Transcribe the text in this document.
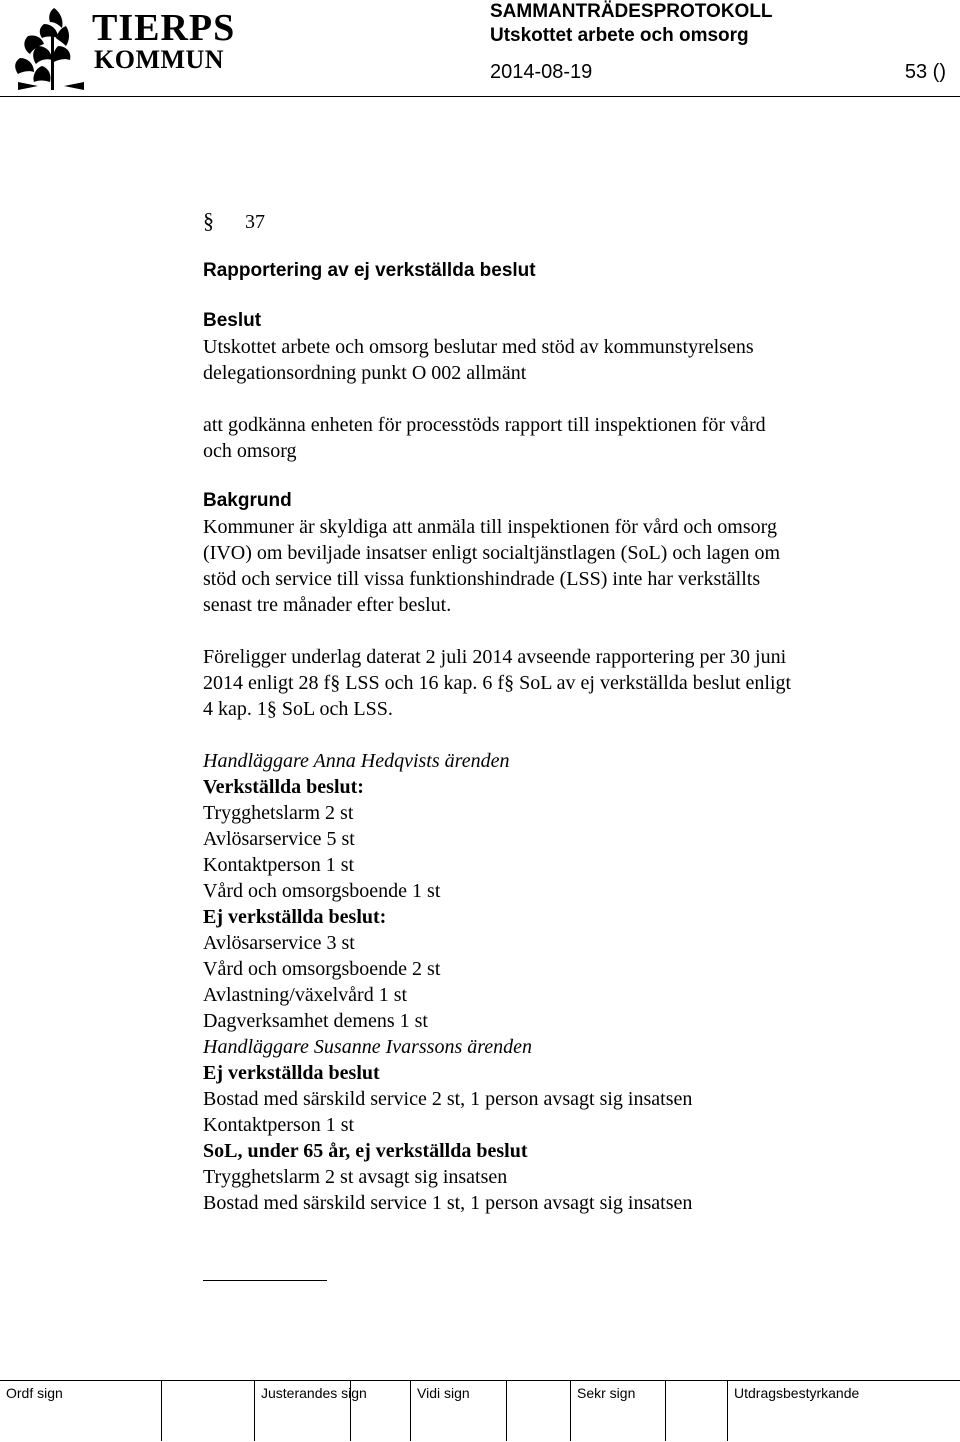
TIERPS
KOMMUN
SAMMANTRÄDESPROTOKOLL
Utskottet arbete och omsorg
2014-08-19	53 ()
§	37

Rapportering av ej verkställda beslut

Beslut

Utskottet arbete och omsorg beslutar med stöd av kommunstyrelsens

delegationsordning punkt O 002 allmänt

att godkänna enheten för processtöds rapport till inspektionen för vård

och omsorg

Bakgrund

Kommuner är skyldiga att anmäla till inspektionen för vård och omsorg

(IVO) om beviljade insatser enligt socialtjänstlagen (SoL) och lagen om

stöd och service till vissa funktionshindrade (LSS) inte har verkställts

senast tre månader efter beslut.

Föreligger underlag daterat 2 juli 2014 avseende rapportering per 30 juni

2014 enligt 28 f§ LSS och 16 kap. 6 f§ SoL av ej verkställda beslut enligt

4 kap. 1§ SoL och LSS.

Handläggare Anna Hedqvists ärenden

Verkställda beslut:

Trygghetslarm 2 st

Avlösarservice 5 st

Kontaktperson 1 st

Vård och omsorgsboende 1 st

Ej verkställda beslut:

Avlösarservice 3 st

Vård och omsorgsboende 2 st

Avlastning/växelvård 1 st

Dagverksamhet demens 1 st

Handläggare Susanne Ivarssons ärenden

Ej verkställda beslut

Bostad med särskild service 2 st, 1 person avsagt sig insatsen

Kontaktperson 1 st

SoL, under 65 år, ej verkställda beslut

Trygghetslarm 2 st avsagt sig insatsen

Bostad med särskild service 1 st, 1 person avsagt sig insatsen

Ordf sign	Justerandes sign	Vidi sign	Sekr sign	Utdragsbestyrkande
